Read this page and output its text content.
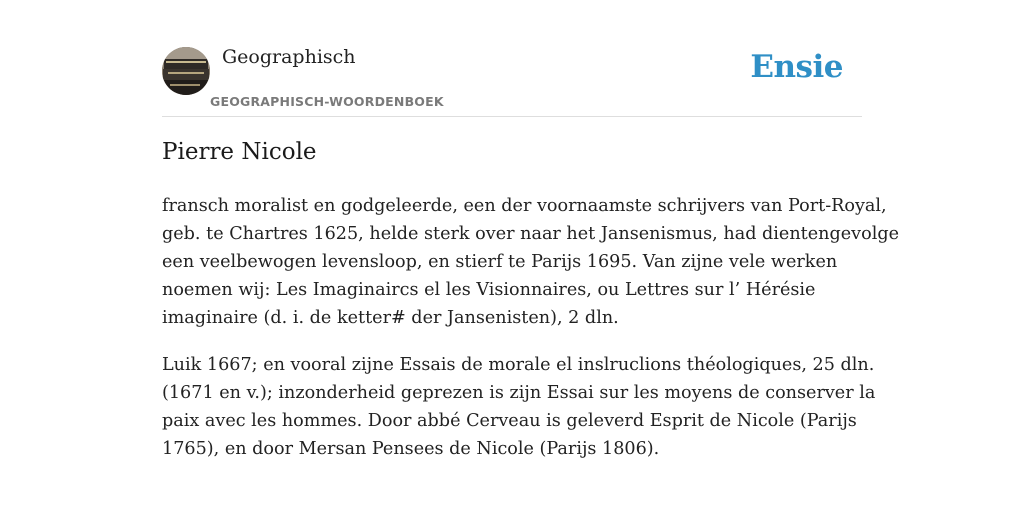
Geographisch
GEOGRAPHISCH-WOORDENBOEK
Ensie
Pierre Nicole

fransch moralist en godgeleerde, een der voornaamste schrijvers van Port-Royal,
geb. te Chartres 1625, helde sterk over naar het Jansenismus, had dientengevolge
een veelbewogen levensloop, en stierf te Parijs 1695. Van zijne vele werken
noemen wij: Les Imaginaircs el les Visionnaires, ou Lettres sur l’ Hérésie
imaginaire (d. i. de ketter# der Jansenisten), 2 dln.

Luik 1667; en vooral zijne Essais de morale el inslruclions théologiques, 25 dln.
(1671 en v.); inzonderheid geprezen is zijn Essai sur les moyens de conserver la
paix avec les hommes. Door abbé Cerveau is geleverd Esprit de Nicole (Parijs
1765), en door Mersan Pensees de Nicole (Parijs 1806).
